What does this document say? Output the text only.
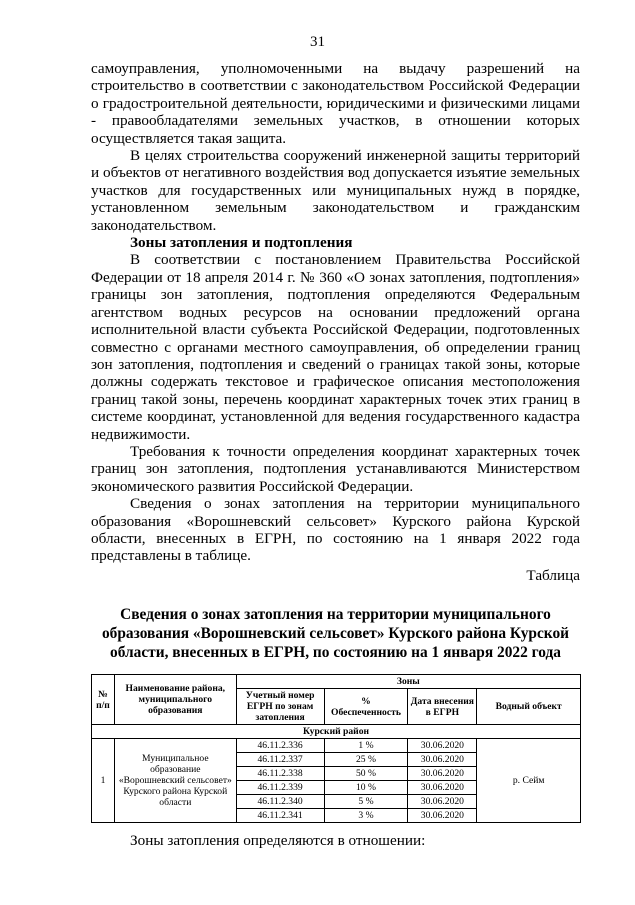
31

самоуправления, уполномоченными на выдачу разрешений на строительство в соответствии с законодательством Российской Федерации о градостроительной деятельности, юридическими и физическими лицами - правообладателями земельных участков, в отношении которых осуществляется такая защита.

В целях строительства сооружений инженерной защиты территорий и объектов от негативного воздействия вод допускается изъятие земельных участков для государственных или муниципальных нужд в порядке, установленном земельным законодательством и гражданским законодательством.

Зоны затопления и подтопления

В соответствии с постановлением Правительства Российской Федерации от 18 апреля 2014 г. № 360 «О зонах затопления, подтопления» границы зон затопления, подтопления определяются Федеральным агентством водных ресурсов на основании предложений органа исполнительной власти субъекта Российской Федерации, подготовленных совместно с органами местного самоуправления, об определении границ зон затопления, подтопления и сведений о границах такой зоны, которые должны содержать текстовое и графическое описания местоположения границ такой зоны, перечень координат характерных точек этих границ в системе координат, установленной для ведения государственного кадастра недвижимости.

Требования к точности определения координат характерных точек границ зон затопления, подтопления устанавливаются Министерством экономического развития Российской Федерации.

Сведения о зонах затопления на территории муниципального образования «Ворошневский сельсовет» Курского района Курской области, внесенных в ЕГРН, по состоянию на 1 января 2022 года представлены в таблице.

Таблица

Сведения о зонах затопления на территории муниципального образования «Ворошневский сельсовет» Курского района Курской области, внесенных в ЕГРН, по состоянию на 1 января 2022 года
№ п/п	Наименование района, муниципального образования	Зоны			
		Учетный номер ЕГРН по зонам затопления	% Обеспеченность	Дата внесения в ЕГРН	Водный объект
Курский район					
1	Муниципальное образование «Ворошневский сельсовет» Курского района Курской области	46.11.2.336	1 %	30.06.2020	р. Сейм
		46.11.2.337	25 %	30.06.2020	
		46.11.2.338	50 %	30.06.2020	
		46.11.2.339	10 %	30.06.2020	
		46.11.2.340	5 %	30.06.2020	
		46.11.2.341	3 %	30.06.2020	
Зоны затопления определяются в отношении:
